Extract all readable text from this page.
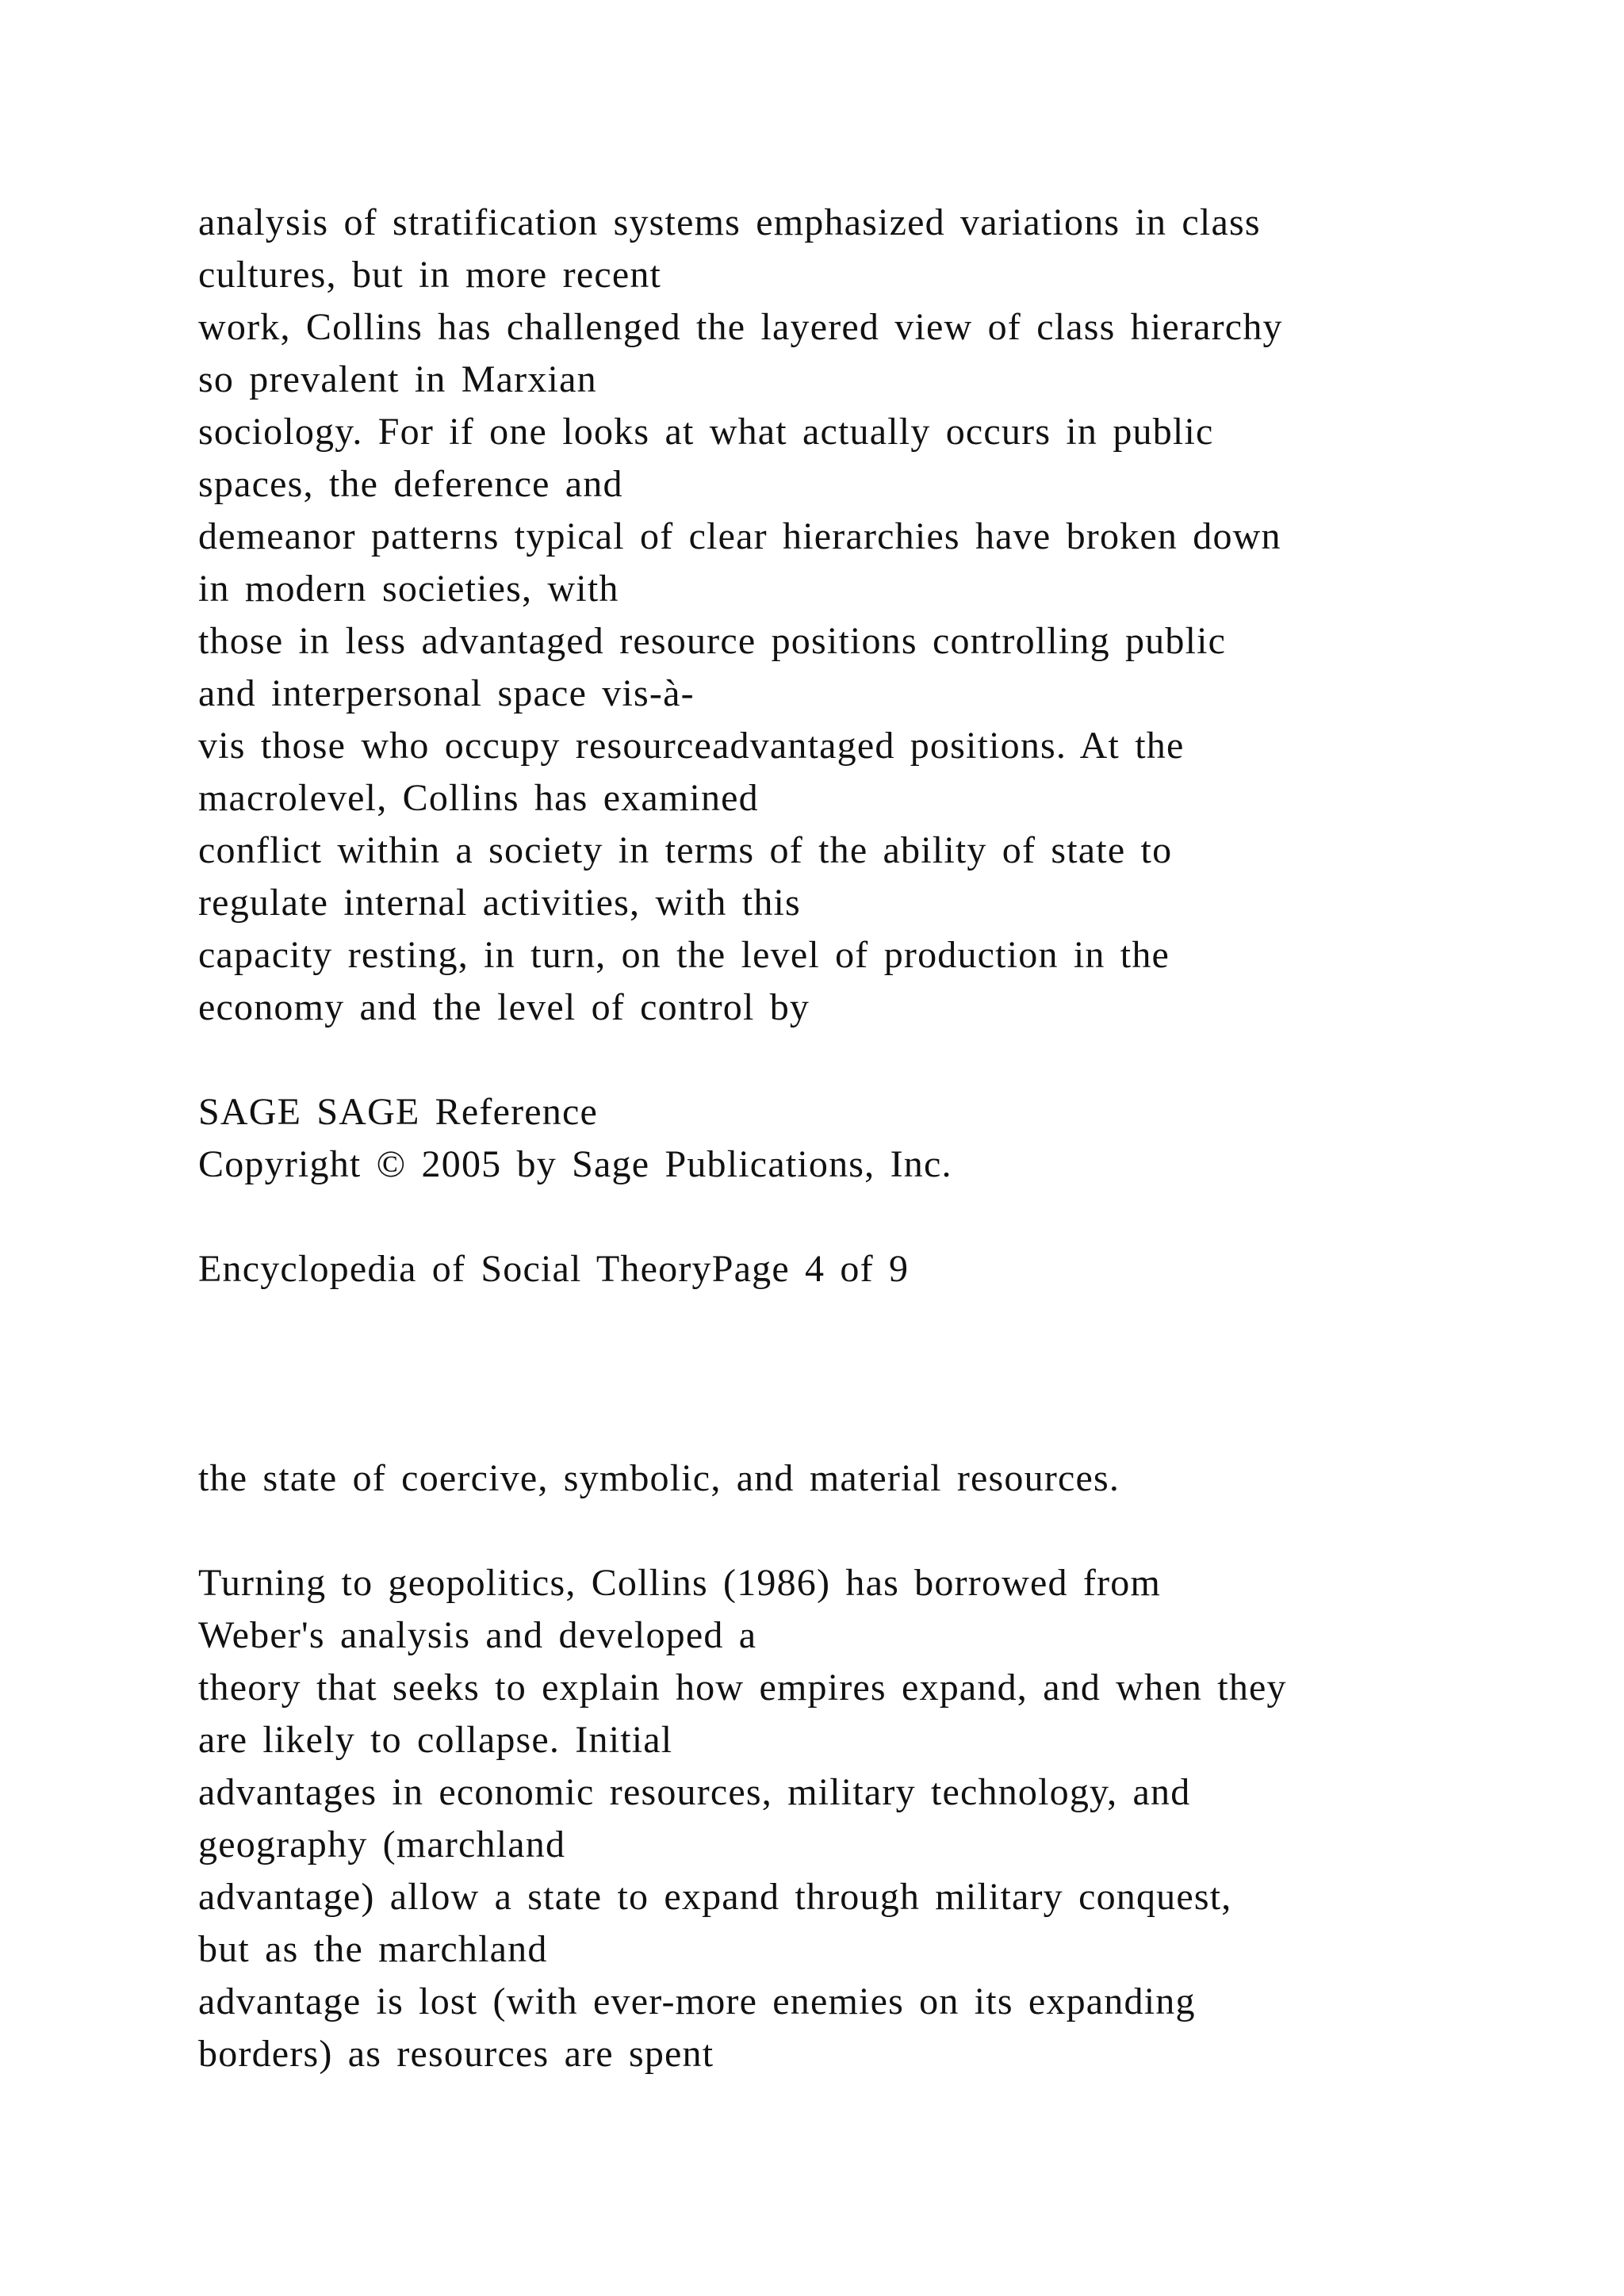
analysis of stratification systems emphasized variations in class
cultures, but in more recent
work, Collins has challenged the layered view of class hierarchy
so prevalent in Marxian
sociology. For if one looks at what actually occurs in public
spaces, the deference and
demeanor patterns typical of clear hierarchies have broken down
in modern societies, with
those in less advantaged resource positions controlling public
and interpersonal space vis-à-
vis those who occupy resourceadvantaged positions. At the
macrolevel, Collins has examined
conflict within a society in terms of the ability of state to
regulate internal activities, with this
capacity resting, in turn, on the level of production in the
economy and the level of control by
SAGE SAGE Reference
Copyright © 2005 by Sage Publications, Inc.
Encyclopedia of Social TheoryPage 4 of 9
the state of coercive, symbolic, and material resources.
Turning to geopolitics, Collins (1986) has borrowed from
Weber's analysis and developed a
theory that seeks to explain how empires expand, and when they
are likely to collapse. Initial
advantages in economic resources, military technology, and
geography (marchland
advantage) allow a state to expand through military conquest,
but as the marchland
advantage is lost (with ever-more enemies on its expanding
borders) as resources are spent
